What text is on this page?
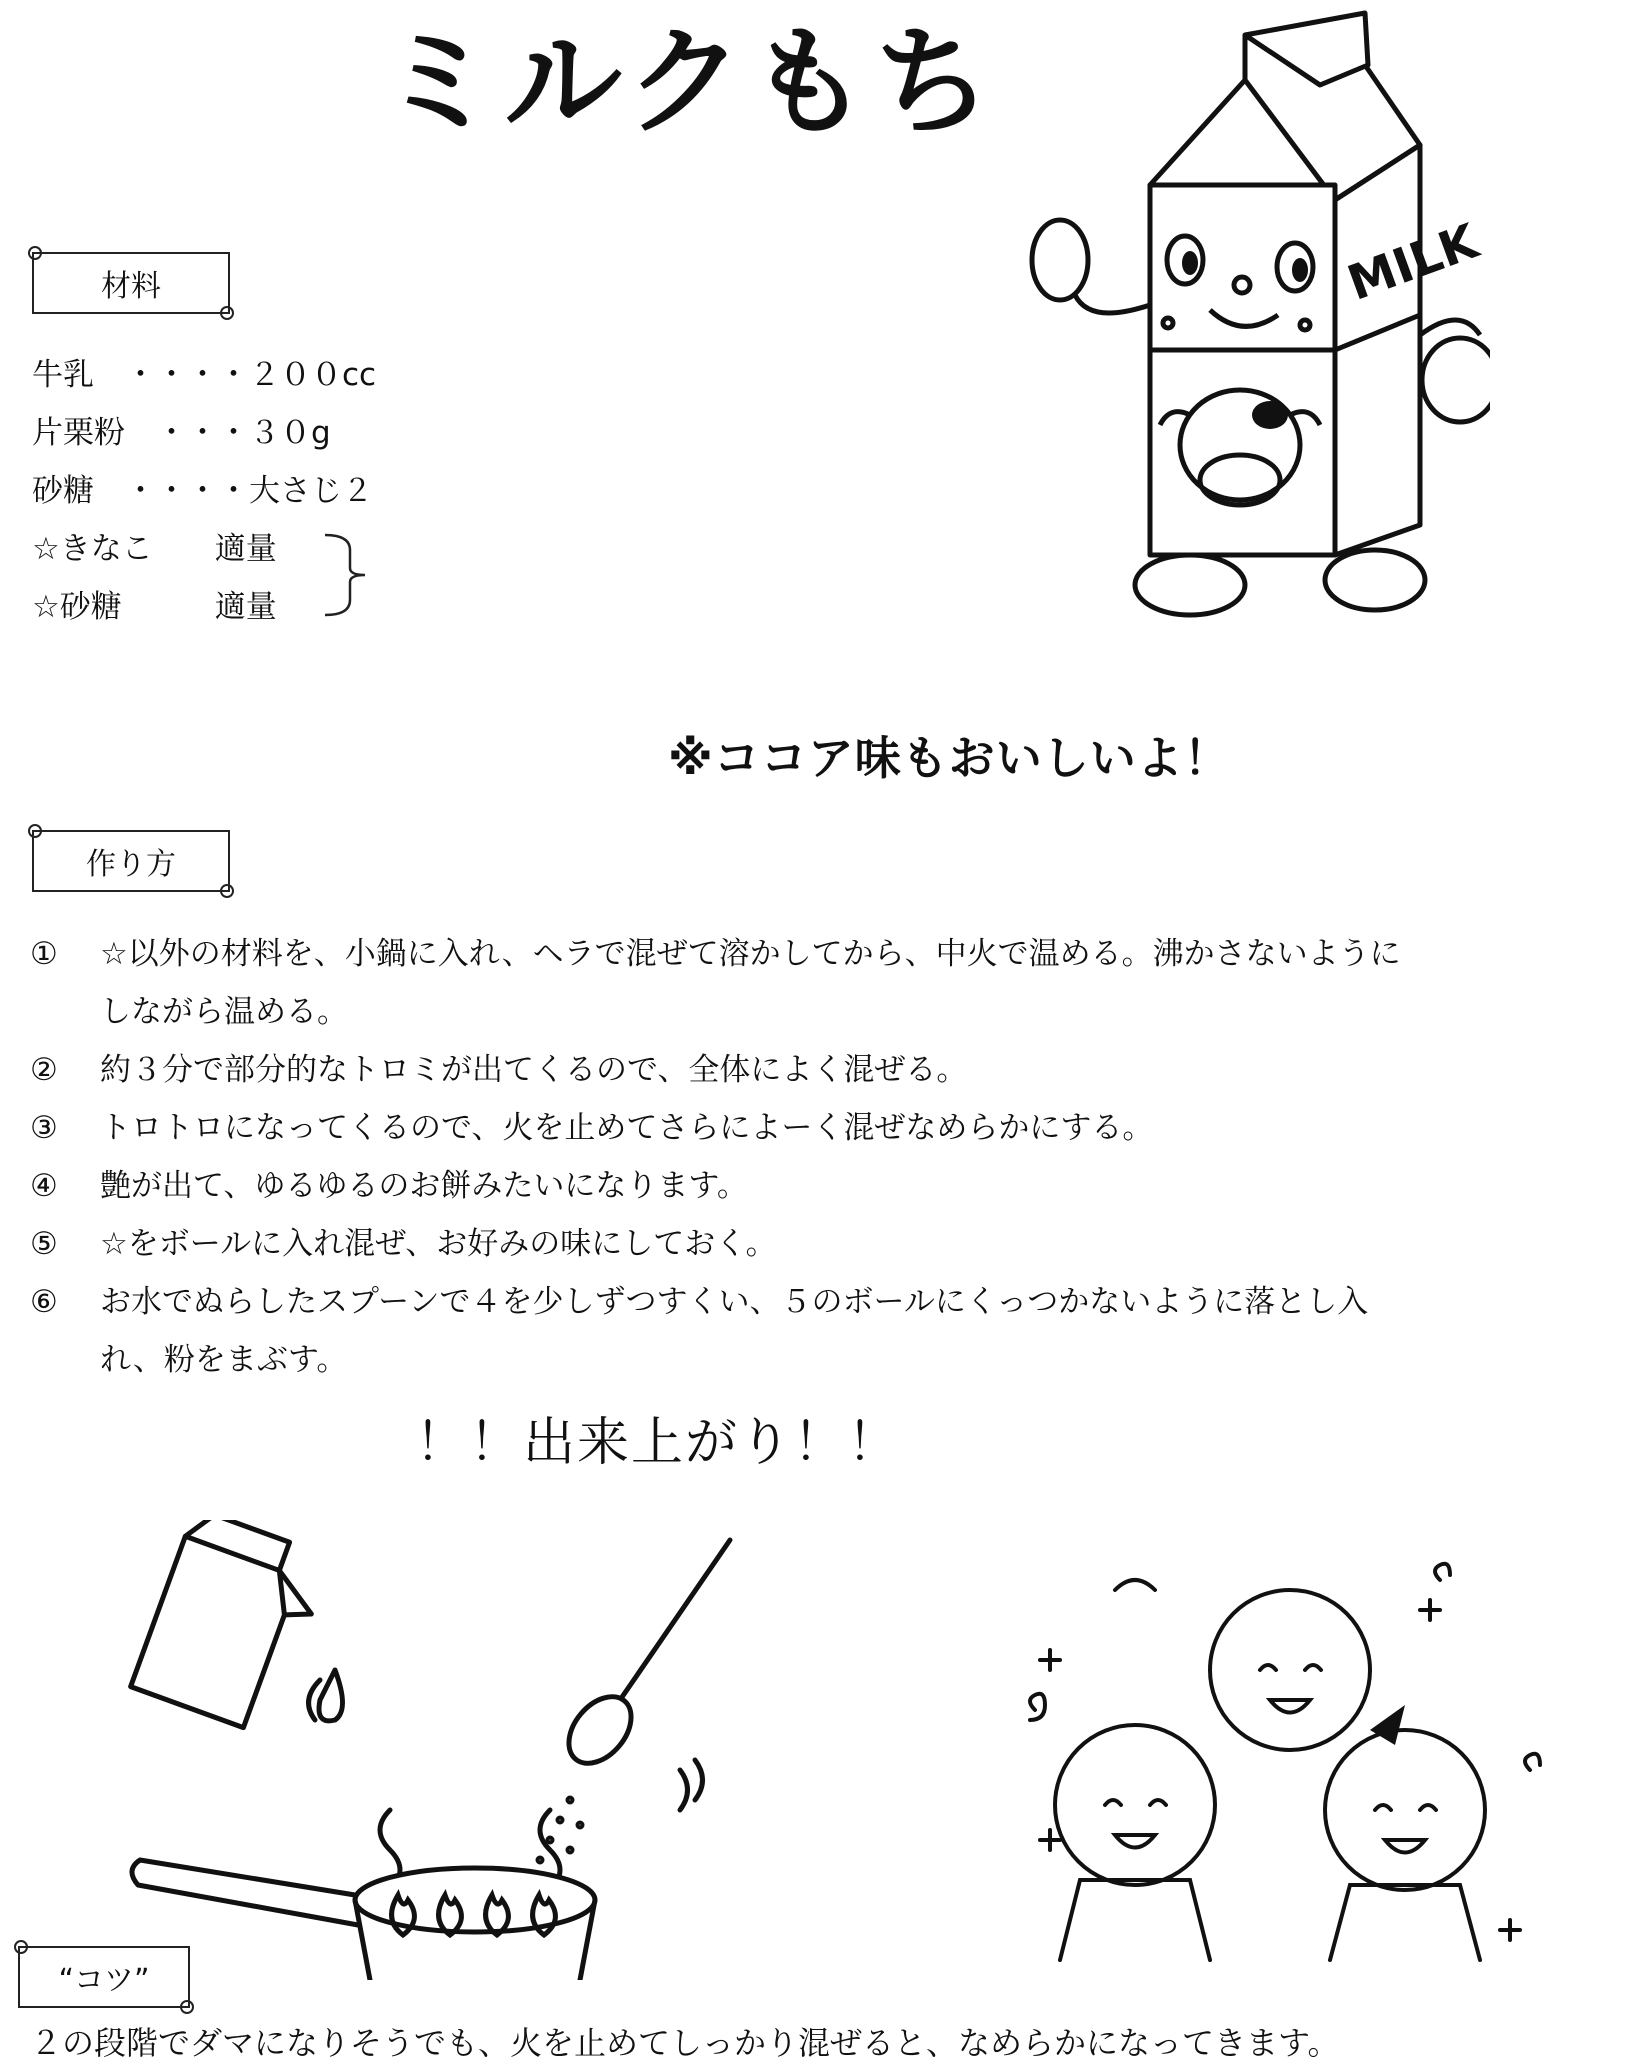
ミルクもち
材料
牛乳　・・・・２００cc
片栗粉　・・・３０g
砂糖　・・・・大さじ２
☆きなこ　　適量
☆砂糖　　　適量
MILK
※ココア味もおいしいよ！
作り方
①	☆以外の材料を、小鍋に入れ、ヘラで混ぜて溶かしてから、中火で温める。沸かさないようにしながら温める。
②	約３分で部分的なトロミが出てくるので、全体によく混ぜる。
③	トロトロになってくるので、火を止めてさらによーく混ぜなめらかにする。
④	艶が出て、ゆるゆるのお餅みたいになります。
⑤	☆をボールに入れ混ぜ、お好みの味にしておく。
⑥	お水でぬらしたスプーンで４を少しずつすくい、５のボールにくっつかないように落とし入れ、粉をまぶす。
！！出来上がり！！
“コツ”
２の段階でダマになりそうでも、火を止めてしっかり混ぜると、なめらかになってきます。
